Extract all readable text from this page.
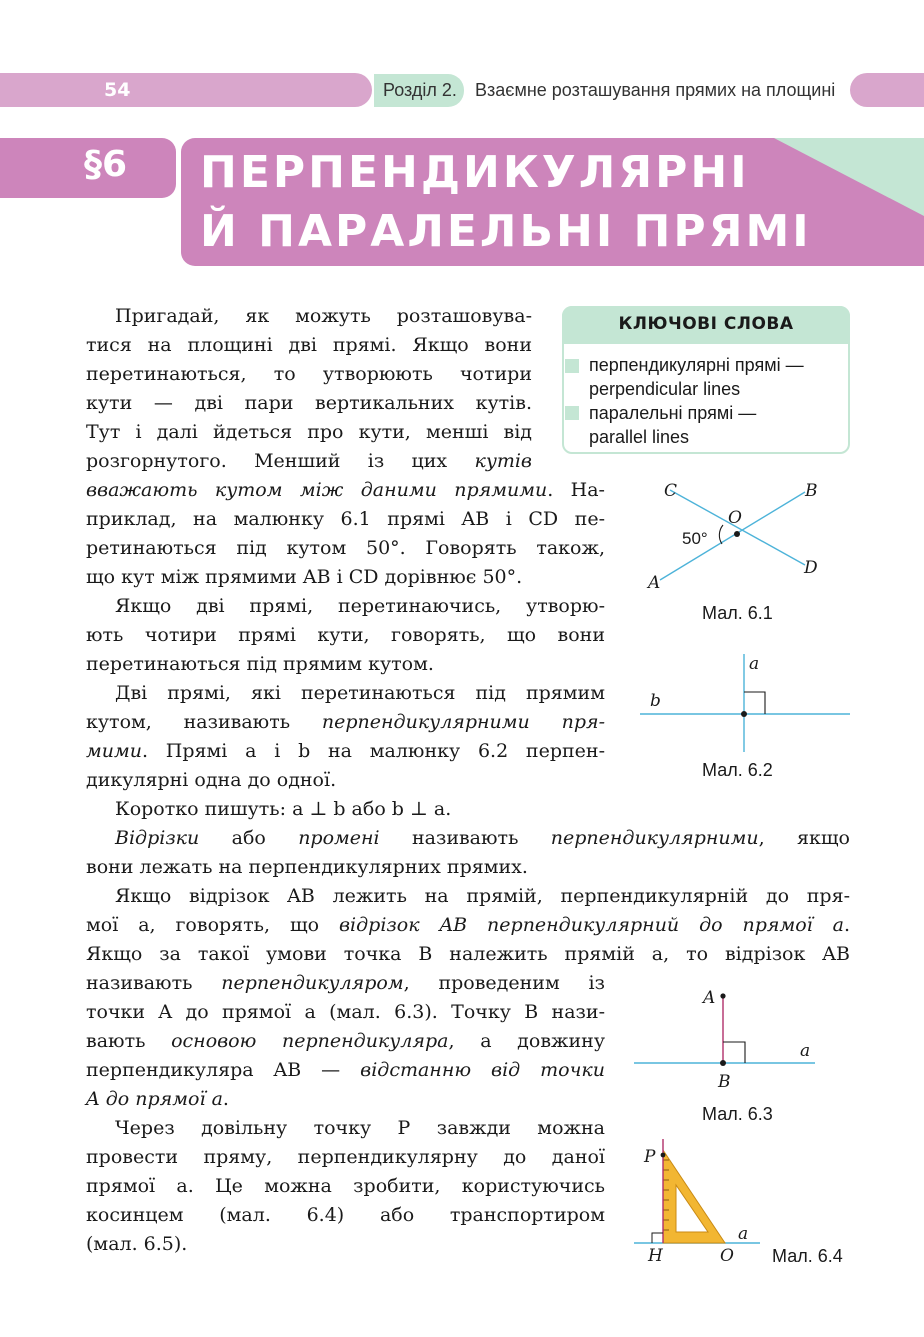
54	Розділ 2. Взаємне розташування прямих на площині
§6 ПЕРПЕНДИКУЛЯРНІ
Й ПАРАЛЕЛЬНІ ПРЯМІ
КЛЮЧОВІ СЛОВА
перпендикулярні прямі —
perpendicular lines
паралельні прямі —
parallel lines
Пригадай, як можуть розташовува-
тися на площині дві прямі. Якщо вони
перетинаються, то утворюють чотири
кути — дві пари вертикальних кутів.
Тут і далі йдеться про кути, менші від
розгорнутого. Менший із цих кутів
вважають кутом між даними прямими. На-
приклад, на малюнку 6.1 прямі AB і CD пе-
ретинаються під кутом 50°. Говорять також,
що кут між прямими AB і CD дорівнює 50°.
Якщо дві прямі, перетинаючись, утворю-
ють чотири прямі кути, говорять, що вони
перетинаються під прямим кутом.
Дві прямі, які перетинаються під прямим
кутом, називають перпендикулярними пря-
мими. Прямі a і b на малюнку 6.2 перпен-
дикулярні одна до одної.
Коротко пишуть: a ⊥ b або b ⊥ a.
Відрізки або промені називають перпендикулярними, якщо
вони лежать на перпендикулярних прямих.
Якщо відрізок AB лежить на прямій, перпендикулярній до пря-
мої a, говорять, що відрізок AB перпендикулярний до прямої a.
Якщо за такої умови точка B належить прямій a, то відрізок AB
називають перпендикуляром, проведеним із
точки A до прямої a (мал. 6.3). Точку B нази-
вають основою перпендикуляра, а довжину
перпендикуляра AB — відстанню від точки
A до прямої a.
Через довільну точку P завжди можна
провести пряму, перпендикулярну до даної
прямої a. Це можна зробити, користуючись
косинцем (мал. 6.4) або транспортиром
(мал. 6.5).
O
C	B
D
A
50°
Мал. 6.1
a
b
Мал. 6.2
A
B
a
Мал. 6.3
P
H	O
a
Мал. 6.4
